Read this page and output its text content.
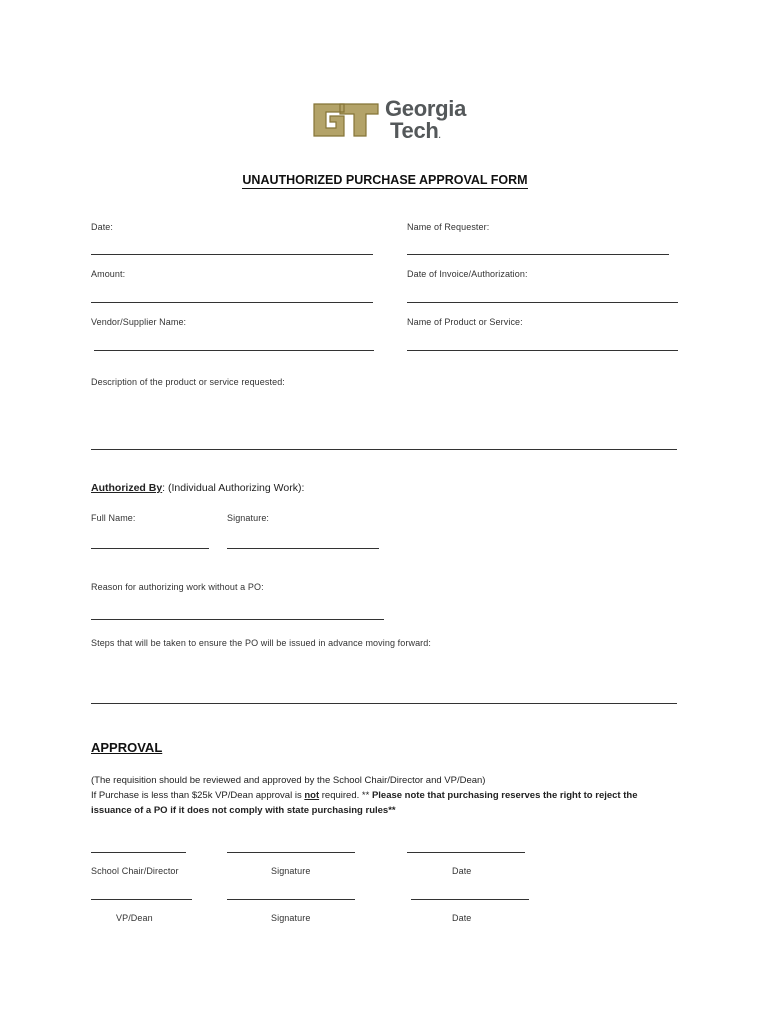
Georgia
Tech.
UNAUTHORIZED PURCHASE APPROVAL FORM
Date:	Name of Requester:
Amount:	Date of Invoice/Authorization:
Vendor/Supplier Name:	Name of Product or Service:
Description of the product or service requested:
Authorized By: (Individual Authorizing Work):
Full Name:	Signature:
Reason for authorizing work without a PO:
Steps that will be taken to ensure the PO will be issued in advance moving forward:
APPROVAL
(The requisition should be reviewed and approved by the School Chair/Director and VP/Dean)
If Purchase is less than $25k VP/Dean approval is not required. ** Please note that purchasing reserves the right to reject the
issuance of a PO if it does not comply with state purchasing rules**
School Chair/Director	Signature	Date
VP/Dean	Signature	Date
